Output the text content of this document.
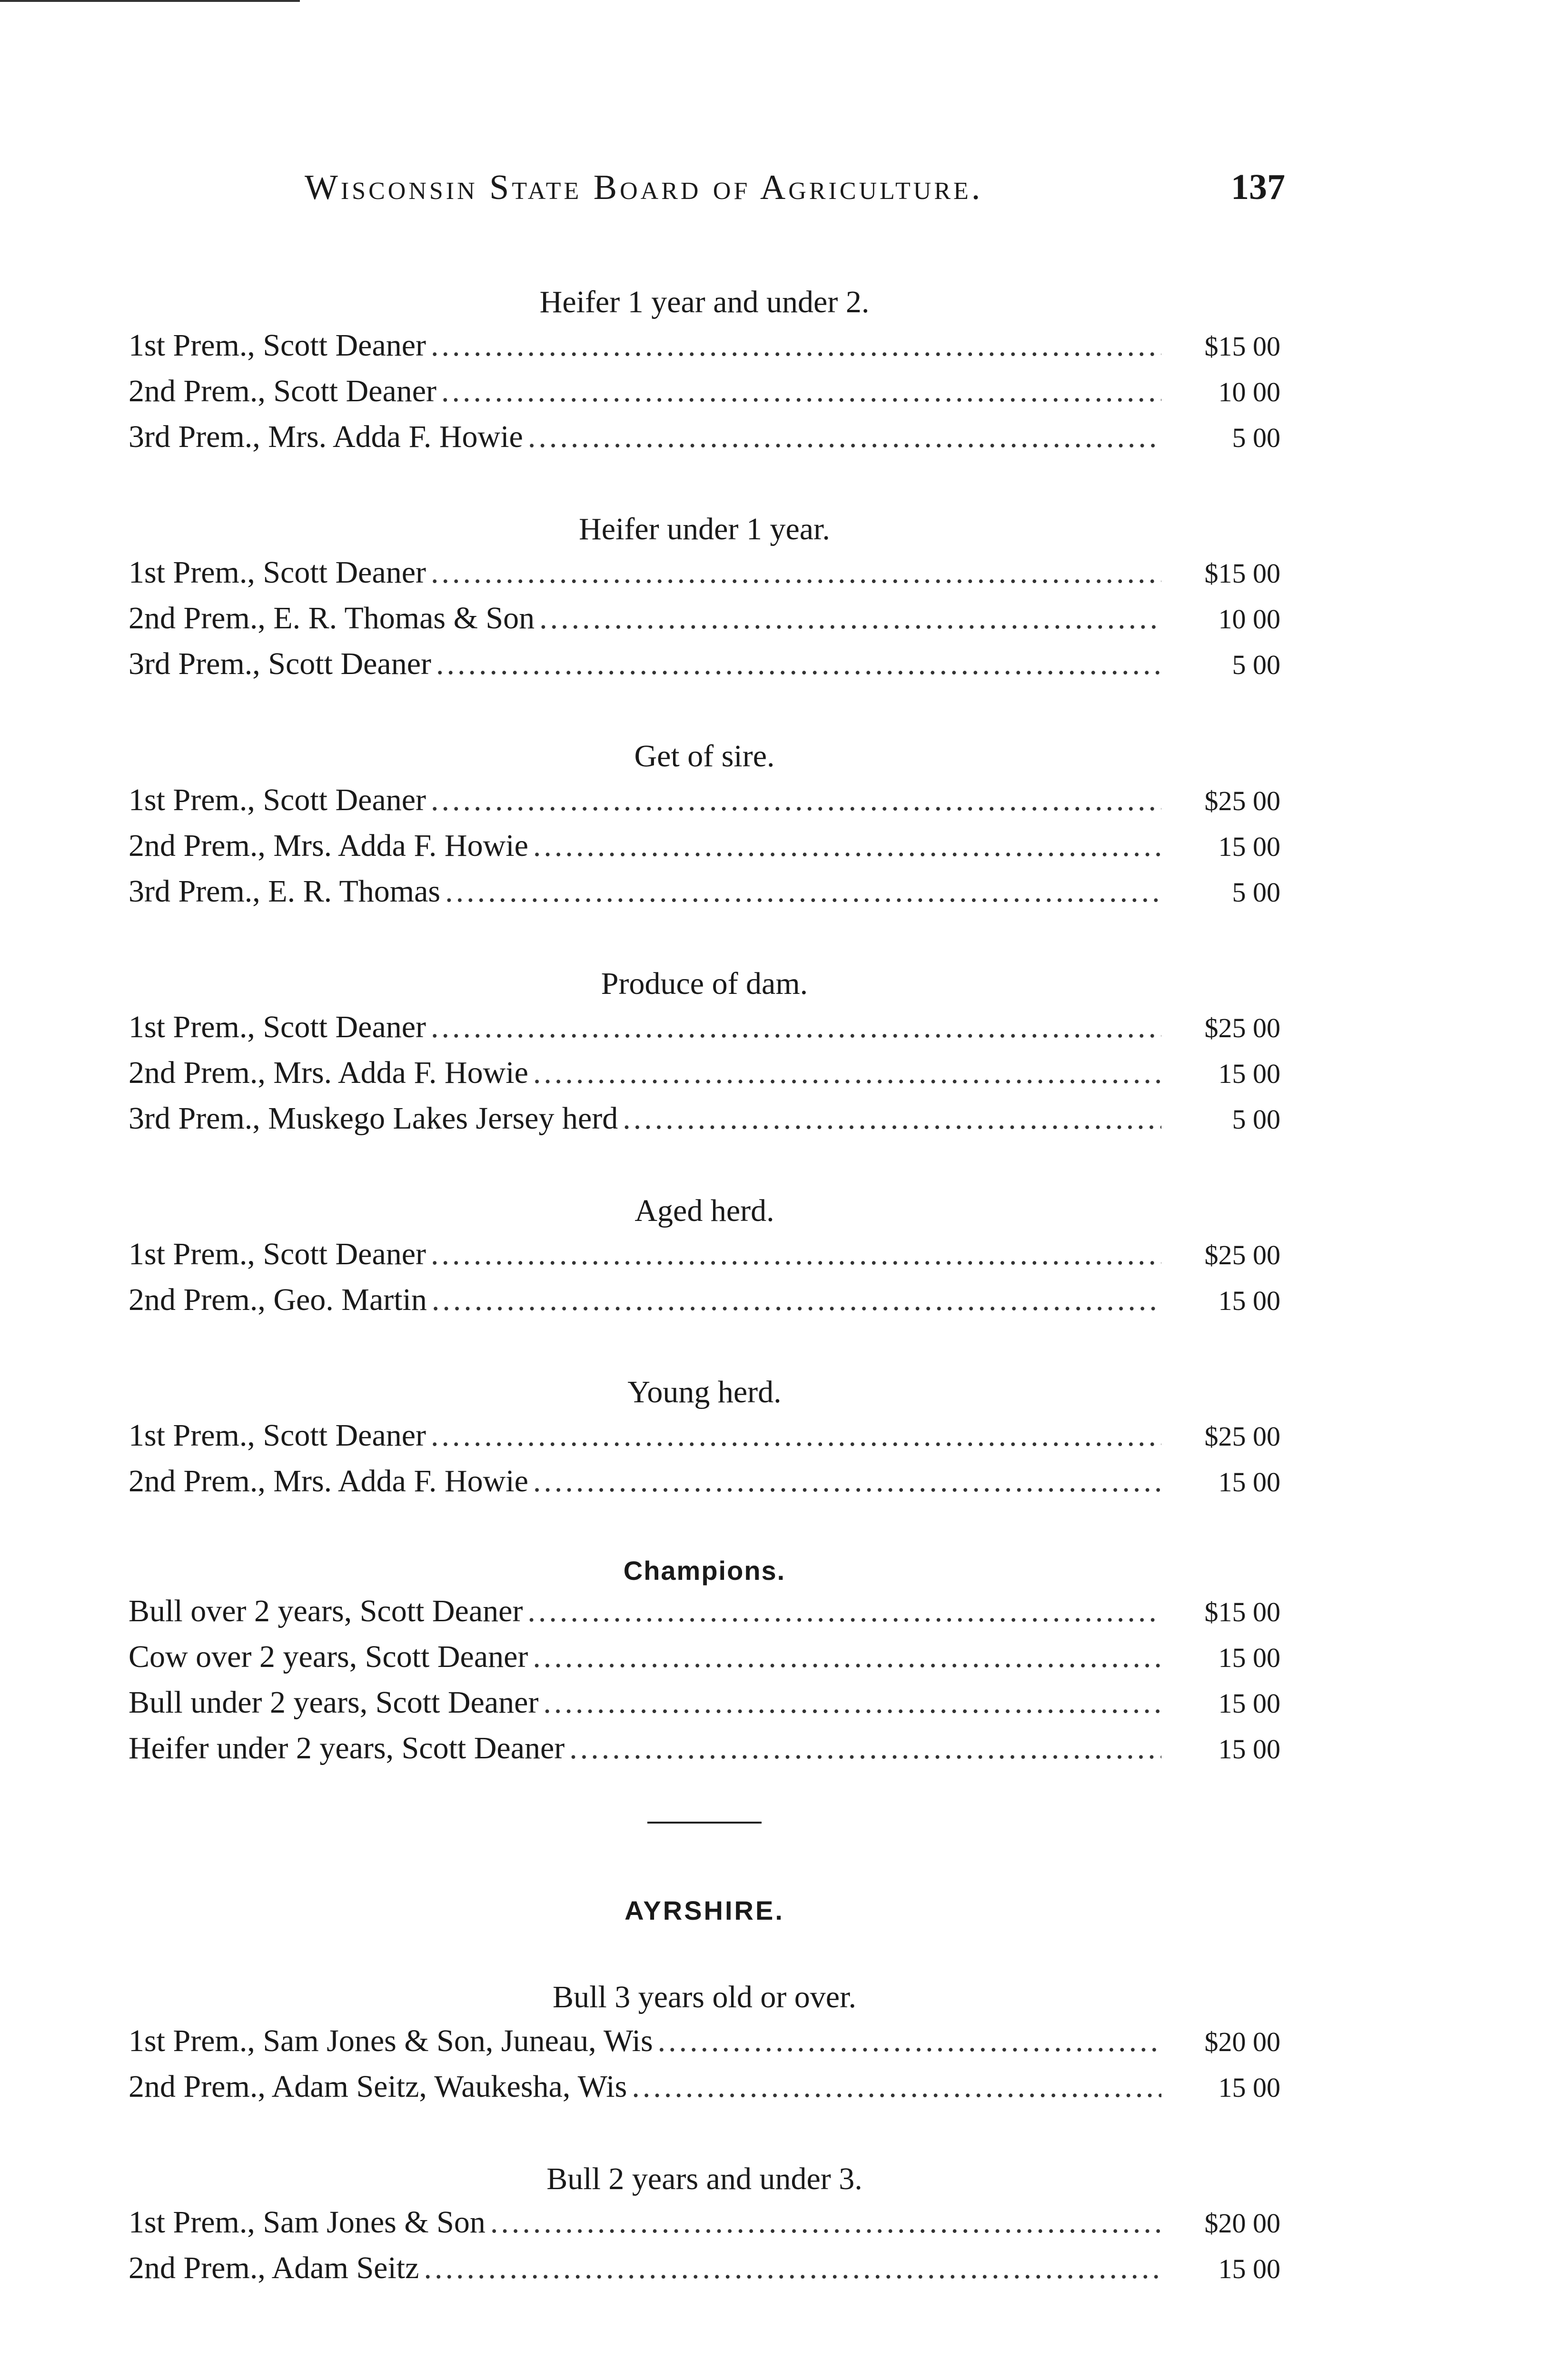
Wisconsin State Board of Agriculture.	137
Heifer 1 year and under 2.
1st Prem., Scott Deaner .....	$15 00
2nd Prem., Scott Deaner .....	10 00
3rd Prem., Mrs. Adda F. Howie .....	5 00
Heifer under 1 year.
1st Prem., Scott Deaner .....	$15 00
2nd Prem., E. R. Thomas & Son .....	10 00
3rd Prem., Scott Deaner .....	5 00
Get of sire.
1st Prem., Scott Deaner .....	$25 00
2nd Prem., Mrs. Adda F. Howie .....	15 00
3rd Prem., E. R. Thomas .....	5 00
Produce of dam.
1st Prem., Scott Deaner .....	$25 00
2nd Prem., Mrs. Adda F. Howie .....	15 00
3rd Prem., Muskego Lakes Jersey herd .....	5 00
Aged herd.
1st Prem., Scott Deaner .....	$25 00
2nd Prem., Geo. Martin .....	15 00
Young herd.
1st Prem., Scott Deaner .....	$25 00
2nd Prem., Mrs. Adda F. Howie .....	15 00
Champions.
Bull over 2 years, Scott Deaner .....	$15 00
Cow over 2 years, Scott Deaner .....	15 00
Bull under 2 years, Scott Deaner .....	15 00
Heifer under 2 years, Scott Deaner .....	15 00
AYRSHIRE.
Bull 3 years old or over.
1st Prem., Sam Jones & Son, Juneau, Wis .....	$20 00
2nd Prem., Adam Seitz, Waukesha, Wis .....	15 00
Bull 2 years and under 3.
1st Prem., Sam Jones & Son .....	$20 00
2nd Prem., Adam Seitz .....	15 00
